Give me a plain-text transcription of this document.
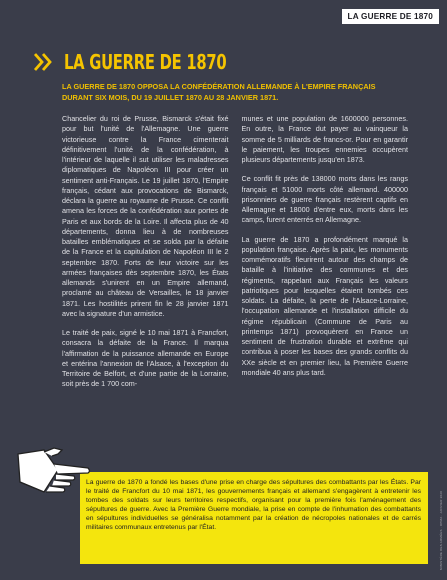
LA GUERRE DE 1870
LA GUERRE DE 1870
LA GUERRE DE 1870 OPPOSA LA CONFÉDÉRATION ALLEMANDE À L'EMPIRE FRANÇAIS DURANT SIX MOIS, DU 19 JUILLET 1870 AU 28 JANVIER 1871.

Chancelier du roi de Prusse, Bismarck s'était fixé pour but l'unité de l'Allemagne. Une guerre victorieuse contre la France cimenterait définitivement l'unité de la confédération, à l'intérieur de laquelle il sut utiliser les maladresses diplomatiques de Napoléon III pour créer un sentiment anti-Français. Le 19 juillet 1870, l'Empire français, cédant aux provocations de Bismarck, déclara la guerre au royaume de Prusse. Ce conflit amena les forces de la confédération aux portes de Paris et aux bords de la Loire. Il affecta plus de 40 départements, donna lieu à de nombreuses batailles emblématiques et se solda par la défaite de la France et la capitulation de Napoléon III le 2 septembre 1870. Forts de leur victoire sur les armées françaises dès septembre 1870, les États allemands s'unirent en un Empire allemand, proclamé au château de Versailles, le 18 janvier 1871. Les hostilités prirent fin le 28 janvier 1871 avec la signature d'un armistice.

Le traité de paix, signé le 10 mai 1871 à Francfort, consacra la défaite de la France. Il marqua l'affirmation de la puissance allemande en Europe et entérina l'annexion de l'Alsace, à l'exception du Territoire de Belfort, et d'une partie de la Lorraine, soit près de 1 700 com-

munes et une population de 1600000 personnes. En outre, la France dut payer au vainqueur la somme de 5 milliards de francs-or. Pour en garantir le paiement, les troupes ennemies occupèrent plusieurs départements jusqu'en 1873.

Ce conflit fit près de 138000 morts dans les rangs français et 51000 morts côté allemand. 400000 prisonniers de guerre français restèrent captifs en Allemagne et 18000 d'entre eux, morts dans les camps, furent enterrés en Allemagne.

La guerre de 1870 a profondément marqué la population française. Après la paix, les monuments commémoratifs fleurirent autour des champs de bataille à l'initiative des communes et des régiments, rappelant aux Français les valeurs patriotiques pour lesquelles étaient tombés ces soldats. La défaite, la perte de l'Alsace-Lorraine, l'occupation allemande et l'installation difficile du régime républicain (Commune de Paris au printemps 1871) provoquèrent en France un sentiment de frustration durable et extrême qui contribua à poser les bases des grands conflits du XXe siècle et en premier lieu, la Première Guerre mondiale 40 ans plus tard.

MINISTÈRE DES ARMÉES · DPMA · JANVIER 2020
La guerre de 1870 a fondé les bases d'une prise en charge des sépultures des combattants par les États. Par le traité de Francfort du 10 mai 1871, les gouvernements français et allemand s'engagèrent à entretenir les tombes des soldats sur leurs territoires respectifs, organisant pour la première fois l'aménagement des sépultures de guerre. Avec la Première Guerre mondiale, la prise en compte de l'inhumation des combattants en sépultures individuelles se généralisa notamment par la création de nécropoles nationales et de carrés militaires communaux entretenus par l'État.
